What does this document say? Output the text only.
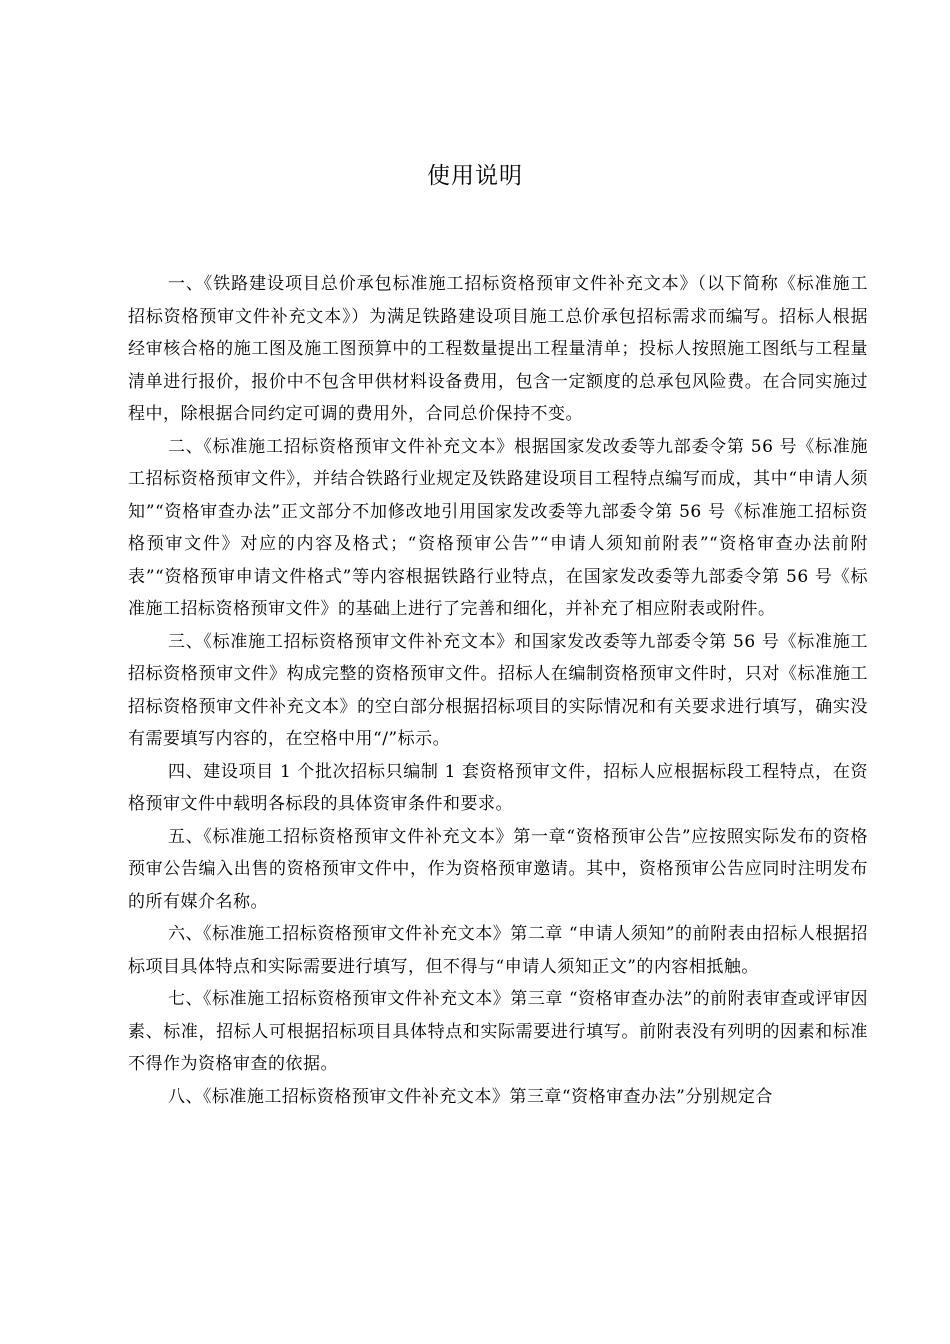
使用说明

一、《铁路建设项目总价承包标准施工招标资格预审文件补充文本》（以下简称《标准施工招标资格预审文件补充文本》）为满足铁路建设项目施工总价承包招标需求而编写。招标人根据经审核合格的施工图及施工图预算中的工程数量提出工程量清单；投标人按照施工图纸与工程量清单进行报价，报价中不包含甲供材料设备费用，包含一定额度的总承包风险费。在合同实施过程中，除根据合同约定可调的费用外，合同总价保持不变。

二、《标准施工招标资格预审文件补充文本》根据国家发改委等九部委令第 56 号《标准施工招标资格预审文件》，并结合铁路行业规定及铁路建设项目工程特点编写而成，其中“申请人须知”“资格审查办法”正文部分不加修改地引用国家发改委等九部委令第 56 号《标准施工招标资格预审文件》对应的内容及格式；“资格预审公告”“申请人须知前附表”“资格审查办法前附表”“资格预审申请文件格式”等内容根据铁路行业特点，在国家发改委等九部委令第 56 号《标准施工招标资格预审文件》的基础上进行了完善和细化，并补充了相应附表或附件。

三、《标准施工招标资格预审文件补充文本》和国家发改委等九部委令第 56 号《标准施工招标资格预审文件》构成完整的资格预审文件。招标人在编制资格预审文件时，只对《标准施工招标资格预审文件补充文本》的空白部分根据招标项目的实际情况和有关要求进行填写，确实没有需要填写内容的，在空格中用“/”标示。

四、建设项目 1 个批次招标只编制 1 套资格预审文件，招标人应根据标段工程特点，在资格预审文件中载明各标段的具体资审条件和要求。

五、《标准施工招标资格预审文件补充文本》第一章“资格预审公告”应按照实际发布的资格预审公告编入出售的资格预审文件中，作为资格预审邀请。其中，资格预审公告应同时注明发布的所有媒介名称。

六、《标准施工招标资格预审文件补充文本》第二章 “申请人须知”的前附表由招标人根据招标项目具体特点和实际需要进行填写，但不得与“申请人须知正文”的内容相抵触。

七、《标准施工招标资格预审文件补充文本》第三章 “资格审查办法”的前附表审查或评审因素、标准，招标人可根据招标项目具体特点和实际需要进行填写。前附表没有列明的因素和标准不得作为资格审查的依据。

八、《标准施工招标资格预审文件补充文本》第三章“资格审查办法”分别规定合
